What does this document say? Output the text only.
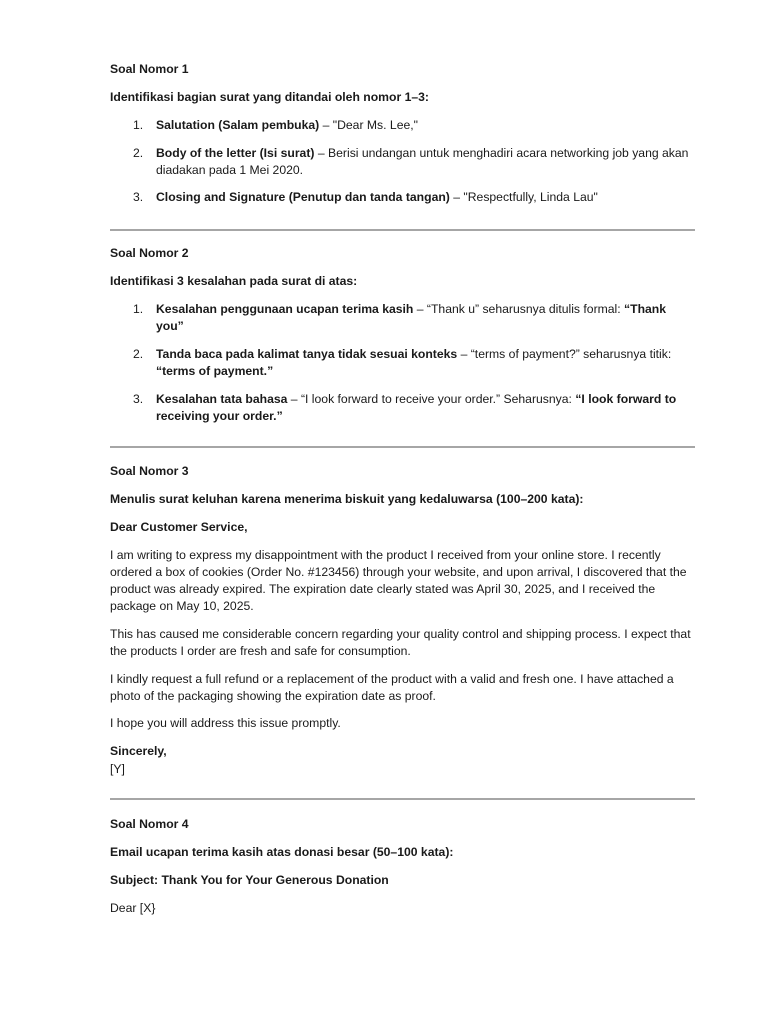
Soal Nomor 1
Identifikasi bagian surat yang ditandai oleh nomor 1–3:
1. Salutation (Salam pembuka) – "Dear Ms. Lee,"
2. Body of the letter (Isi surat) – Berisi undangan untuk menghadiri acara networking job yang akan diadakan pada 1 Mei 2020.
3. Closing and Signature (Penutup dan tanda tangan) – "Respectfully, Linda Lau"
Soal Nomor 2
Identifikasi 3 kesalahan pada surat di atas:
1. Kesalahan penggunaan ucapan terima kasih – “Thank u” seharusnya ditulis formal: “Thank you”
2. Tanda baca pada kalimat tanya tidak sesuai konteks – “terms of payment?” seharusnya titik: “terms of payment.”
3. Kesalahan tata bahasa – “I look forward to receive your order.” Seharusnya: “I look forward to receiving your order.”
Soal Nomor 3
Menulis surat keluhan karena menerima biskuit yang kedaluwarsa (100–200 kata):
Dear Customer Service,
I am writing to express my disappointment with the product I received from your online store. I recently ordered a box of cookies (Order No. #123456) through your website, and upon arrival, I discovered that the product was already expired. The expiration date clearly stated was April 30, 2025, and I received the package on May 10, 2025.
This has caused me considerable concern regarding your quality control and shipping process. I expect that the products I order are fresh and safe for consumption.
I kindly request a full refund or a replacement of the product with a valid and fresh one. I have attached a photo of the packaging showing the expiration date as proof.
I hope you will address this issue promptly.
Sincerely,
[Y]
Soal Nomor 4
Email ucapan terima kasih atas donasi besar (50–100 kata):
Subject: Thank You for Your Generous Donation
Dear [X}
